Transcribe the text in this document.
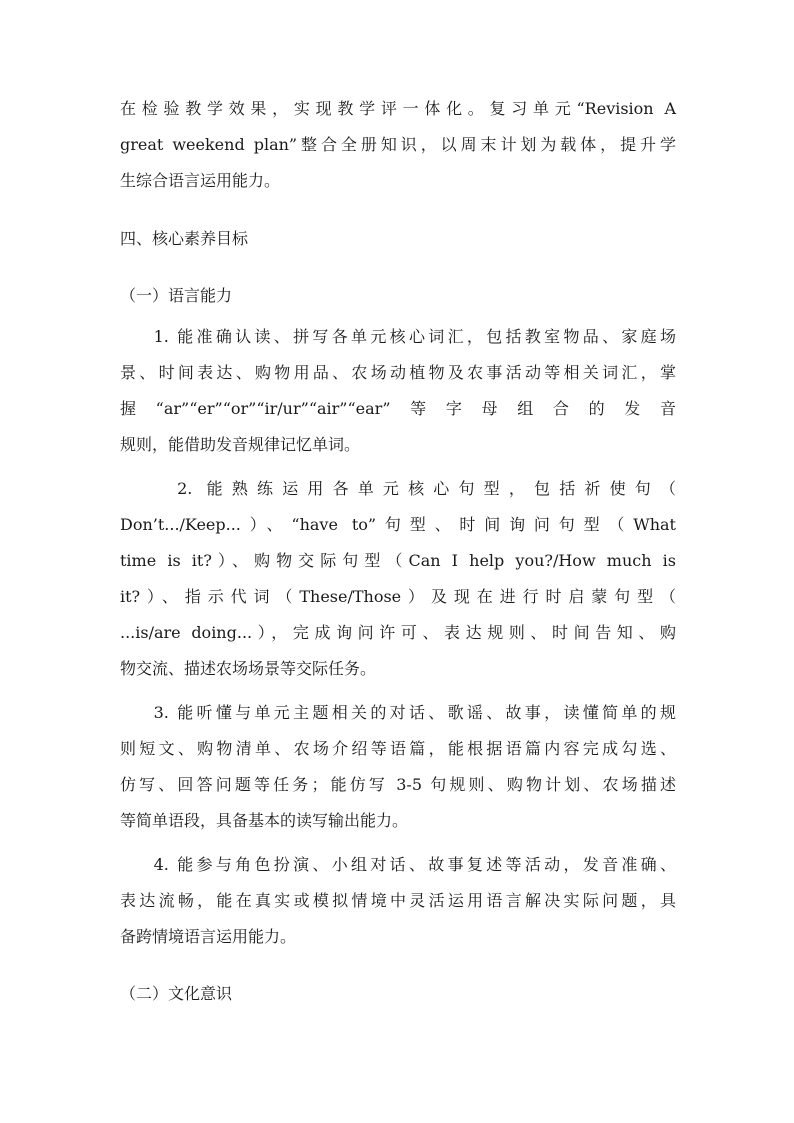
在检验教学效果，实现教学评一体化。复习单元“Revision A
great weekend plan”整合全册知识，以周末计划为载体，提升学
生综合语言运用能力。
四、核心素养目标
（一）语言能力
1. 能准确认读、拼写各单元核心词汇，包括教室物品、家庭场
景、时间表达、购物用品、农场动植物及农事活动等相关词汇，掌
握“ar”“er”“or”“ir/ur”“air”“ear”等字母组合的发音
规则，能借助发音规律记忆单词。
2. 能熟练运用各单元核心句型，包括祈使句（
Don’t.../Keep...）、“have to”句型、时间询问句型（What
time is it?）、购物交际句型（Can I help you?/How much is
it?）、指示代词（These/Those）及现在进行时启蒙句型（
...is/are doing...），完成询问许可、表达规则、时间告知、购
物交流、描述农场场景等交际任务。
3. 能听懂与单元主题相关的对话、歌谣、故事，读懂简单的规
则短文、购物清单、农场介绍等语篇，能根据语篇内容完成勾选、
仿写、回答问题等任务；能仿写 3-5 句规则、购物计划、农场描述
等简单语段，具备基本的读写输出能力。
4. 能参与角色扮演、小组对话、故事复述等活动，发音准确、
表达流畅，能在真实或模拟情境中灵活运用语言解决实际问题，具
备跨情境语言运用能力。
（二）文化意识
